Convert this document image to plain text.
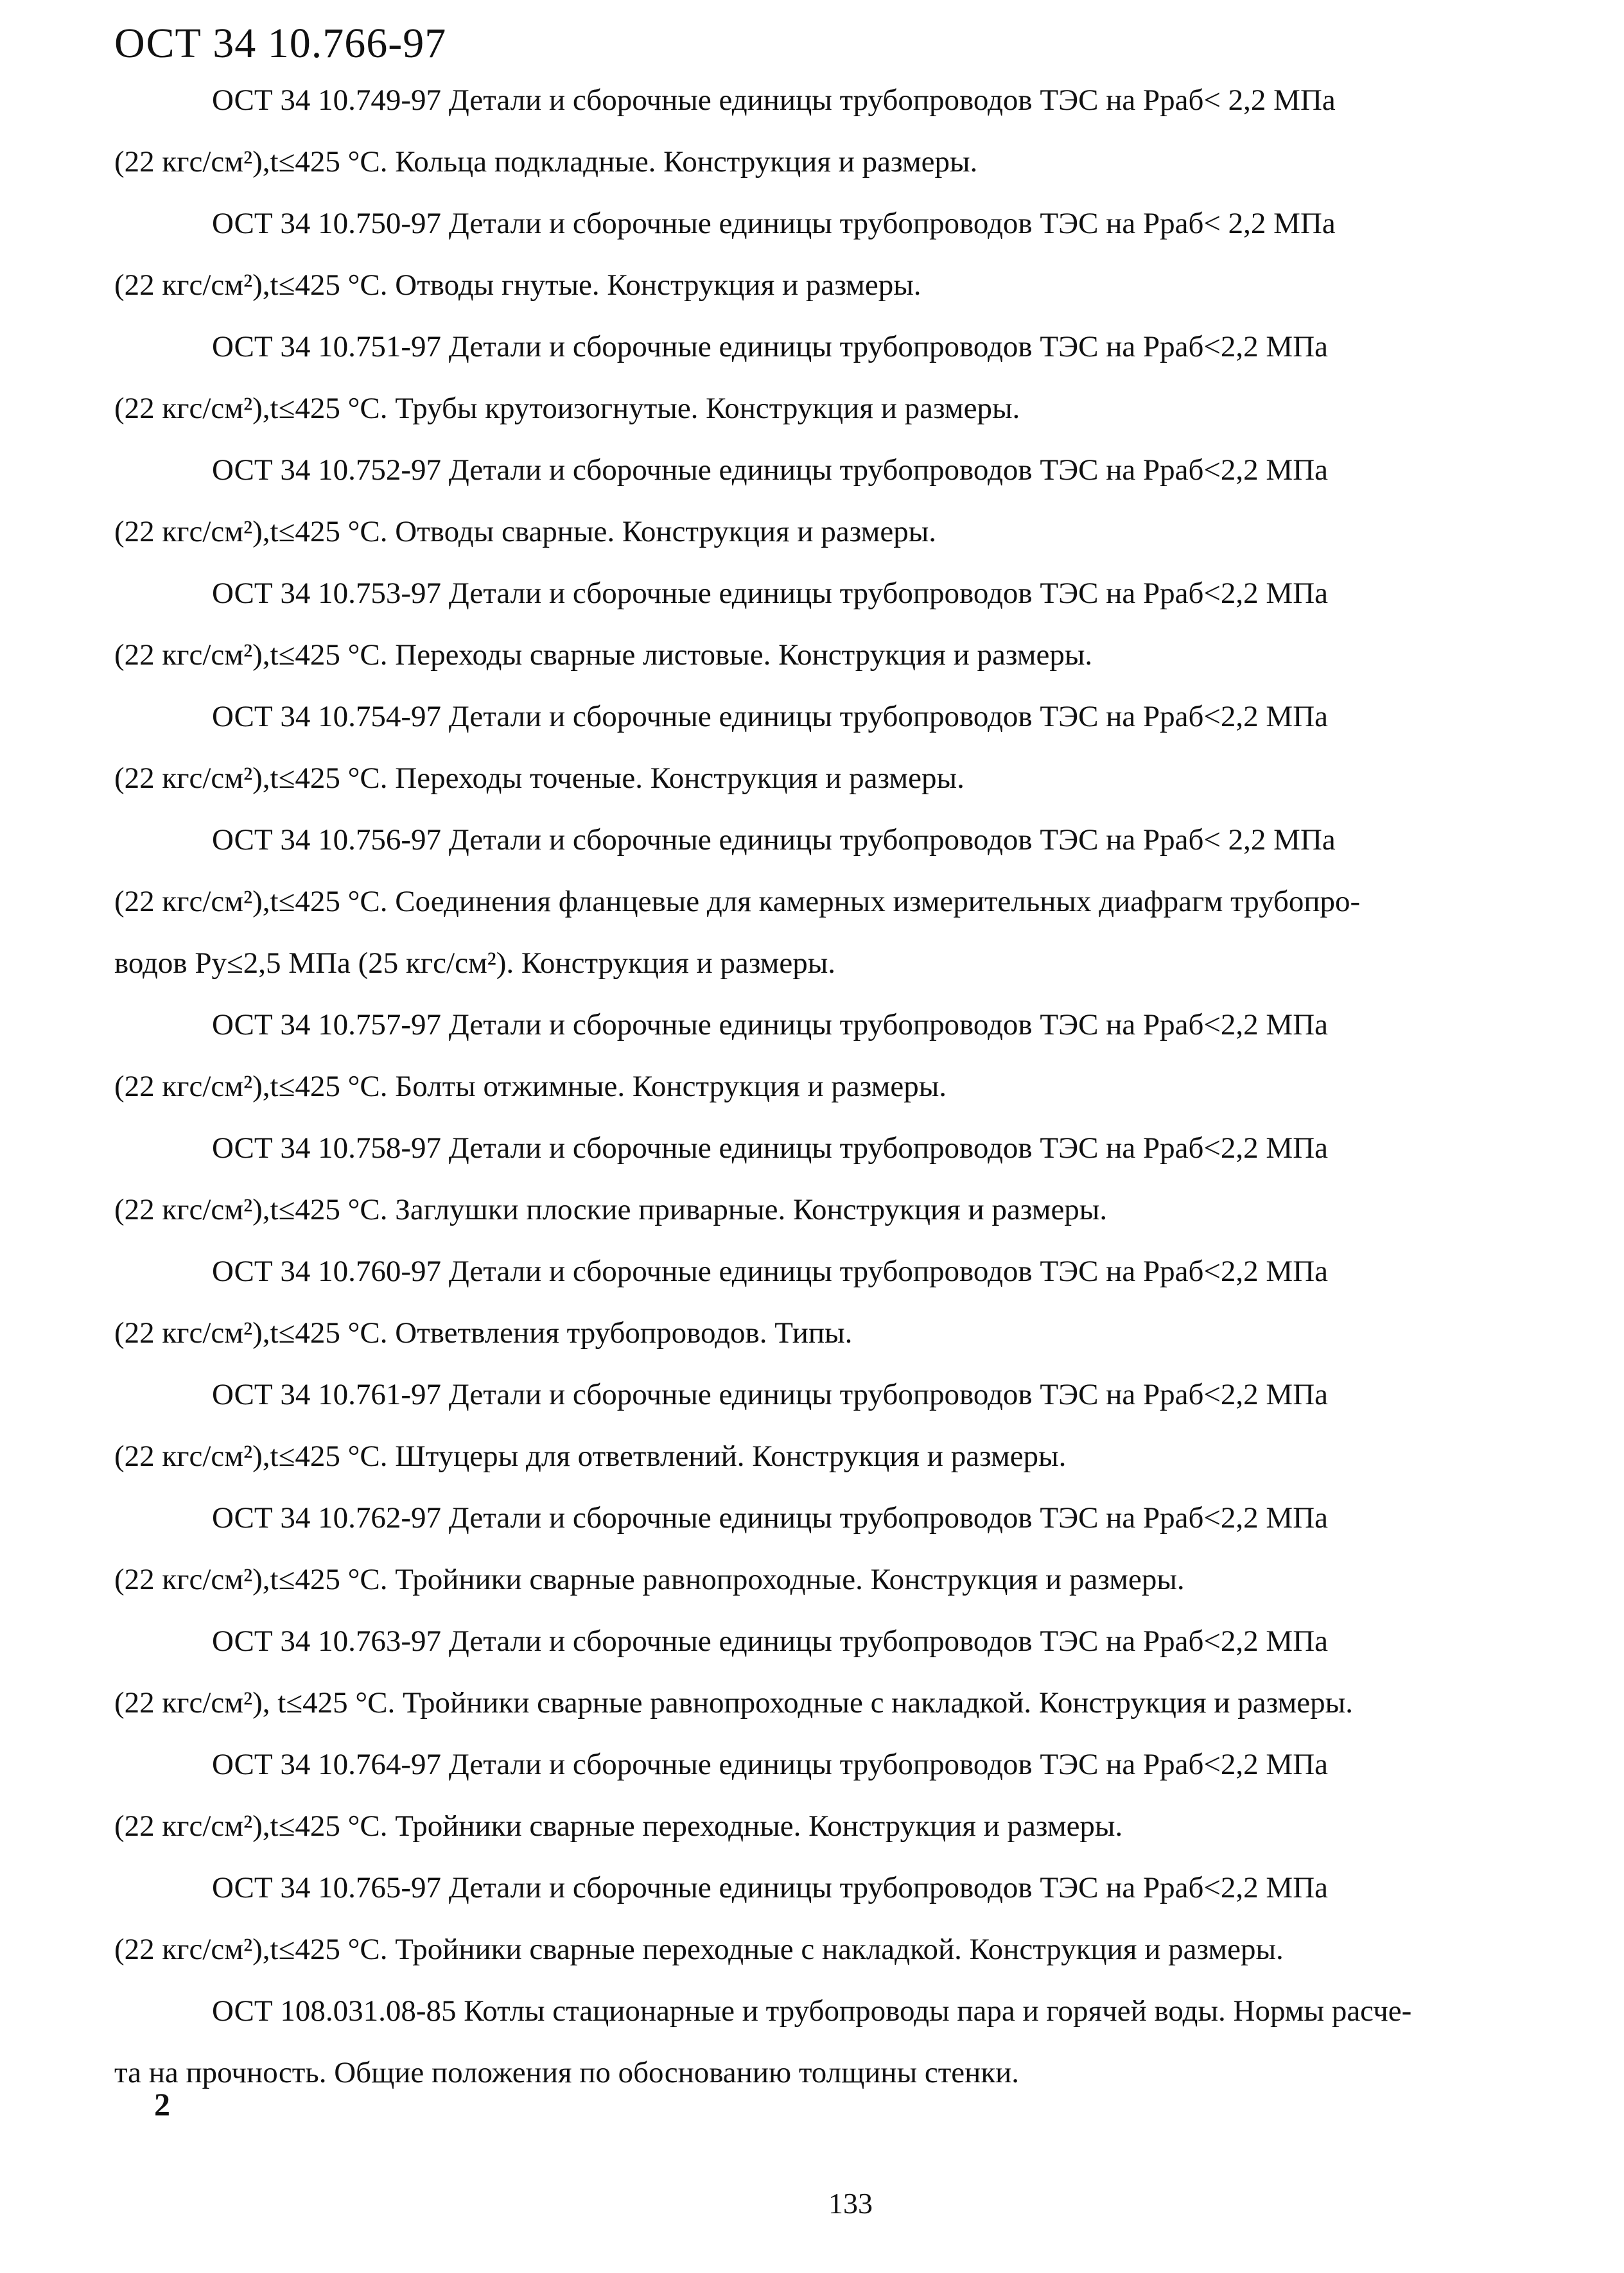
ОСТ 34 10.766-97
ОСТ 34 10.749-97 Детали и сборочные единицы трубопроводов ТЭС на Рраб< 2,2 МПа
(22 кгс/см²),t≤425 °С. Кольца подкладные. Конструкция и размеры.
ОСТ 34 10.750-97 Детали и сборочные единицы трубопроводов ТЭС на Рраб< 2,2 МПа
(22 кгс/см²),t≤425 °С. Отводы гнутые. Конструкция и размеры.
ОСТ 34 10.751-97 Детали и сборочные единицы трубопроводов ТЭС на Рраб<2,2 МПа
(22 кгс/см²),t≤425 °С. Трубы крутоизогнутые. Конструкция и размеры.
ОСТ 34 10.752-97 Детали и сборочные единицы трубопроводов ТЭС на Рраб<2,2 МПа
(22 кгс/см²),t≤425 °С. Отводы сварные. Конструкция и размеры.
ОСТ 34 10.753-97 Детали и сборочные единицы трубопроводов ТЭС на Рраб<2,2 МПа
(22 кгс/см²),t≤425 °С. Переходы сварные листовые. Конструкция и размеры.
ОСТ 34 10.754-97 Детали и сборочные единицы трубопроводов ТЭС на Рраб<2,2 МПа
(22 кгс/см²),t≤425 °С. Переходы точеные. Конструкция и размеры.
ОСТ 34 10.756-97 Детали и сборочные единицы трубопроводов ТЭС на Рраб< 2,2 МПа
(22 кгс/см²),t≤425 °С. Соединения фланцевые для камерных измерительных диафрагм трубопро-
водов Ру≤2,5 МПа (25 кгс/см²). Конструкция и размеры.
ОСТ 34 10.757-97 Детали и сборочные единицы трубопроводов ТЭС на Рраб<2,2 МПа
(22 кгс/см²),t≤425 °С. Болты отжимные. Конструкция и размеры.
ОСТ 34 10.758-97 Детали и сборочные единицы трубопроводов ТЭС на Рраб<2,2 МПа
(22 кгс/см²),t≤425 °С. Заглушки плоские приварные. Конструкция и размеры.
ОСТ 34 10.760-97 Детали и сборочные единицы трубопроводов ТЭС на Рраб<2,2 МПа
(22 кгс/см²),t≤425 °С. Ответвления трубопроводов. Типы.
ОСТ 34 10.761-97 Детали и сборочные единицы трубопроводов ТЭС на Рраб<2,2 МПа
(22 кгс/см²),t≤425 °С. Штуцеры для ответвлений. Конструкция и размеры.
ОСТ 34 10.762-97 Детали и сборочные единицы трубопроводов ТЭС на Рраб<2,2 МПа
(22 кгс/см²),t≤425 °С. Тройники сварные равнопроходные. Конструкция и размеры.
ОСТ 34 10.763-97 Детали и сборочные единицы трубопроводов ТЭС на Рраб<2,2 МПа
(22 кгс/см²), t≤425 °С. Тройники сварные равнопроходные с накладкой. Конструкция и размеры.
ОСТ 34 10.764-97 Детали и сборочные единицы трубопроводов ТЭС на Рраб<2,2 МПа
(22 кгс/см²),t≤425 °С. Тройники сварные переходные. Конструкция и размеры.
ОСТ 34 10.765-97 Детали и сборочные единицы трубопроводов ТЭС на Рраб<2,2 МПа
(22 кгс/см²),t≤425 °С. Тройники сварные переходные с накладкой. Конструкция и размеры.
ОСТ 108.031.08-85 Котлы стационарные и трубопроводы пара и горячей воды. Нормы расче-
та на прочность. Общие положения по обоснованию толщины стенки.

2

133
